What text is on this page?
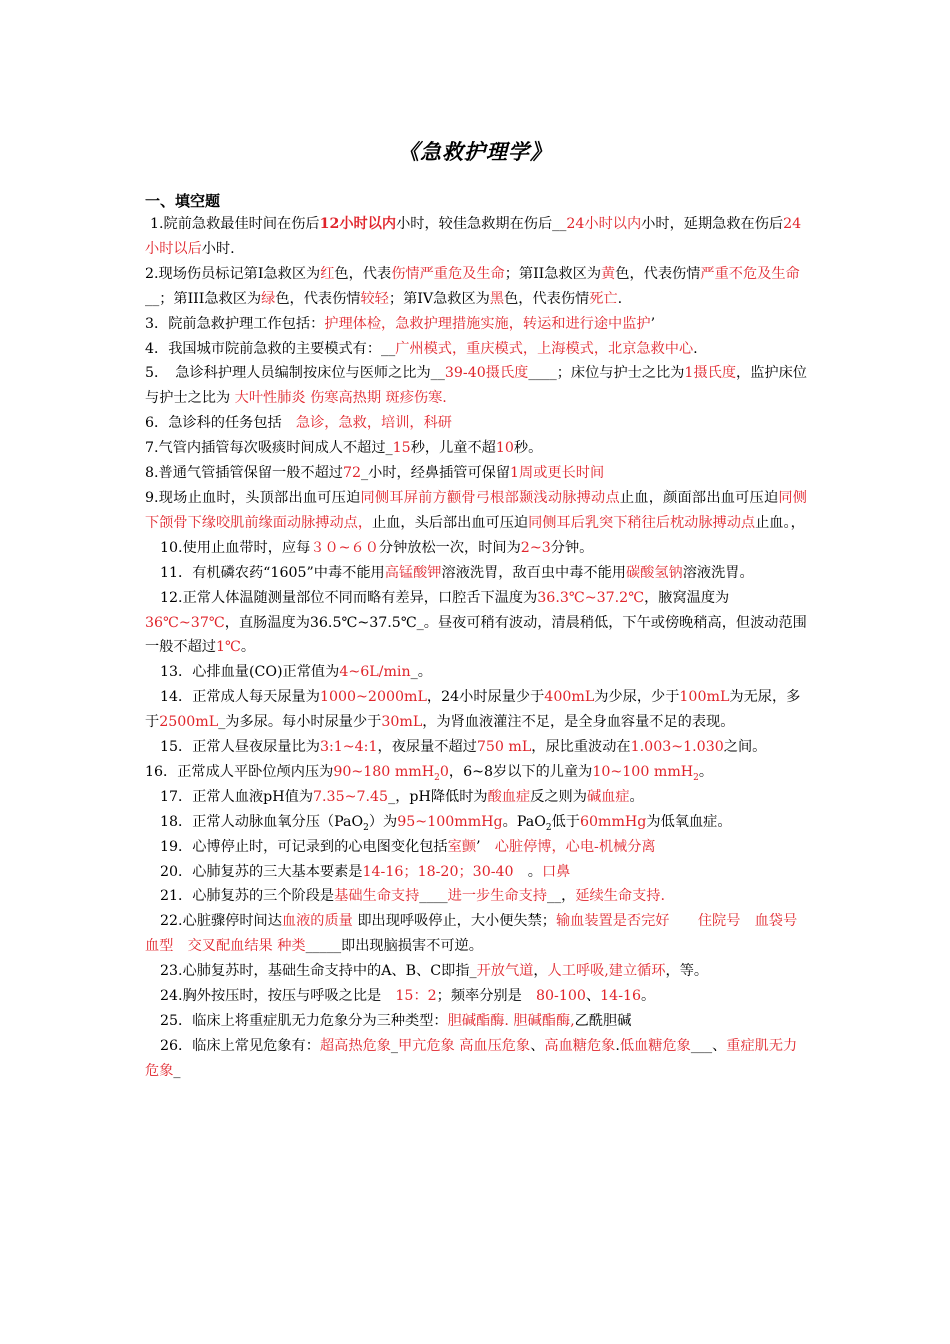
《急救护理学》
一、填空题

1.院前急救最佳时间在伤后12小时以内小时，较佳急救期在伤后__24小时以内小时，延期急救在伤后24小时以后小时.

2.现场伤员标记第I急救区为红色，代表伤情严重危及生命；第II急救区为黄色，代表伤情严重不危及生命__；第III急救区为绿色，代表伤情较轻；第IV急救区为黑色，代表伤情死亡.

3．院前急救护理工作包括：护理体检，急救护理措施实施，转运和进行途中监护’

4．我国城市院前急救的主要模式有：__广州模式，重庆模式，上海模式，北京急救中心.

5．　急诊科护理人员编制按床位与医师之比为__39-40摄氏度____；床位与护士之比为1摄氏度，监护床位与护士之比为 大叶性肺炎 伤寒高热期 斑疹伤寒.

6．急诊科的任务包括　急诊，急救，培训，科研

7.气管内插管每次吸痰时间成人不超过_15秒，儿童不超10秒。

8.普通气管插管保留一般不超过72_小时，经鼻插管可保留1周或更长时间

9.现场止血时，头顶部出血可压迫同侧耳屏前方颧骨弓根部颞浅动脉搏动点止血，颜面部出血可压迫同侧下颌骨下缘咬肌前缘面动脉搏动点，止血，头后部出血可压迫同侧耳后乳突下稍往后枕动脉搏动点止血。，

10.使用止血带时，应每３０~６０分钟放松一次，时间为2~3分钟。

11．有机磷农药“1605”中毒不能用高锰酸钾溶液洗胃，敌百虫中毒不能用碳酸氢钠溶液洗胃。

12.正常人体温随测量部位不同而略有差异，口腔舌下温度为36.3℃~37.2℃，腋窝温度为36℃~37℃，直肠温度为36.5℃~37.5℃_。昼夜可稍有波动，清晨稍低，下午或傍晚稍高，但波动范围一般不超过1℃。

13．心排血量(CO)正常值为4~6L/min_。

14．正常成人每天尿量为1000~2000mL，24小时尿量少于400mL为少尿，少于100mL为无尿，多于2500mL_为多尿。每小时尿量少于30mL，为肾血液灌注不足，是全身血容量不足的表现。

15．正常人昼夜尿量比为3:1~4:1，夜尿量不超过750 mL，尿比重波动在1.003~1.030之间。

16．正常成人平卧位颅内压为90~180 mmH$_2$0，6~8岁以下的儿童为10~100 mmH$_2$。

17．正常人血液pH值为7.35~7.45_，pH降低时为酸血症反之则为碱血症。

18．正常人动脉血氧分压（PaO$_2$）为95~100mmHg。PaO$_2$低于60mmHg为低氧血症。

19．心博停止时，可记录到的心电图变化包括室颤’　心脏停博，心电-机械分离

20．心肺复苏的三大基本要素是14-16；18-20；30-40　。口鼻

21．心肺复苏的三个阶段是基础生命支持____进一步生命支持__，延续生命支持.

22.心脏骤停时间达血液的质量 即出现呼吸停止，大小便失禁；输血装置是否完好　　住院号　血袋号　血型　交叉配血结果 种类_____即出现脑损害不可逆。

23.心肺复苏时，基础生命支持中的A、B、C即指_开放气道，人工呼吸,建立循环，等。

24.胸外按压时，按压与呼吸之比是　15：2；频率分别是　80-100、14-16。

25．临床上将重症肌无力危象分为三种类型：胆碱酯酶. 胆碱酯酶,乙酰胆碱

26．临床上常见危象有：超高热危象_甲亢危象 高血压危象、高血糖危象.低血糖危象___、重症肌无力危象_
